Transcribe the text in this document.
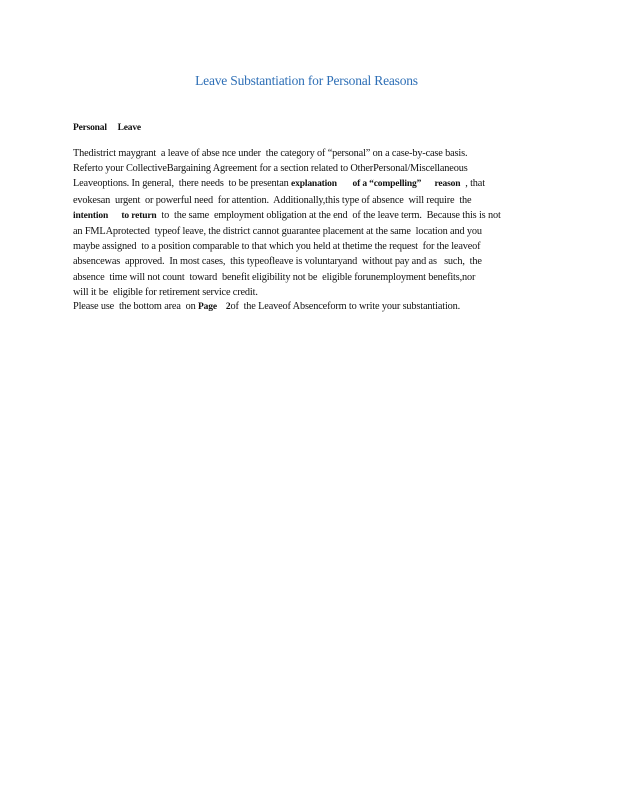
Leave Substantiation for Personal Reasons
Personal     Leave
Thedistrict maygrant  a leave of abse nce under  the category of “personal” on a case-by-case basis.
Referto your CollectiveBargaining Agreement for a section related to OtherPersonal/Miscellaneous
Leaveoptions. In general,  there needs  to be presentan explanation       of a “compelling”      reason  , that
evokesan  urgent  or powerful need  for attention.  Additionally,this type of absence  will require  the
intention      to return  to  the same  employment obligation at the end  of the leave term.  Because this is not
an FMLAprotected  typeof leave, the district cannot guarantee placement at the same  location and you
maybe assigned  to a position comparable to that which you held at thetime the request  for the leaveof
absencewas  approved.  In most cases,  this typeofleave is voluntaryand  without pay and as   such,  the
absence  time will not count  toward  benefit eligibility not be  eligible forunemployment benefits,nor
will it be  eligible for retirement service credit.
Please use  the bottom area  on Page    2of  the Leaveof Absenceform to write your substantiation.
